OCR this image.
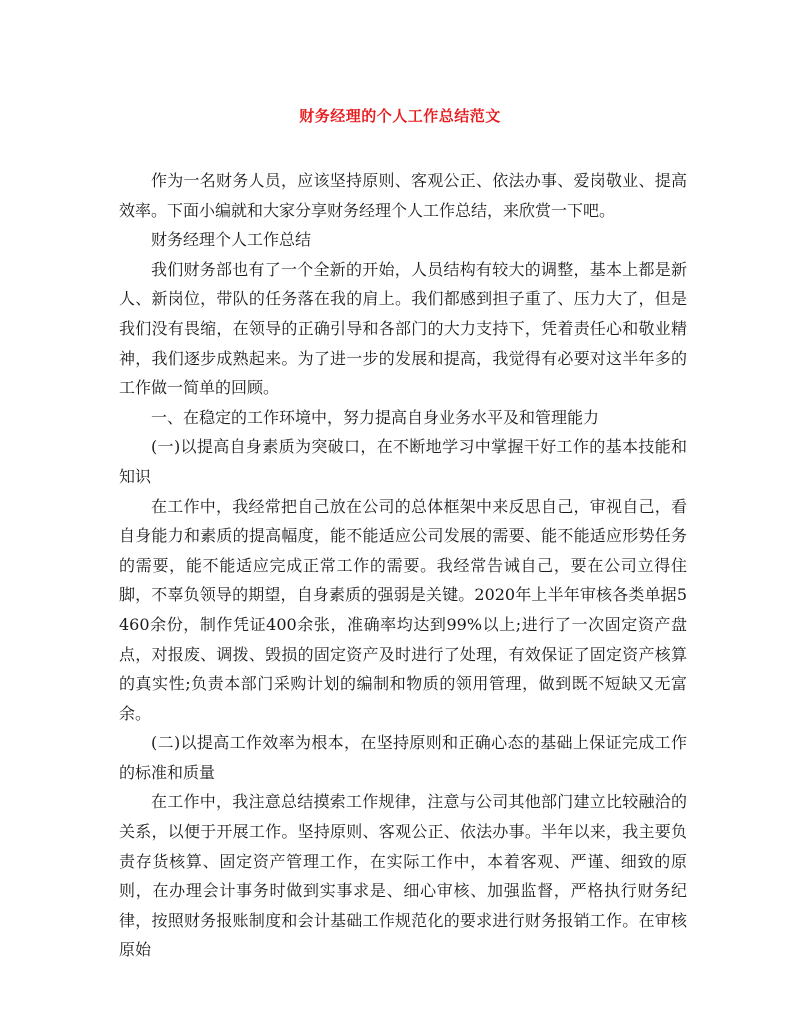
财务经理的个人工作总结范文

作为一名财务人员，应该坚持原则、客观公正、依法办事、爱岗敬业、提高效率。下面小编就和大家分享财务经理个人工作总结，来欣赏一下吧。

财务经理个人工作总结

我们财务部也有了一个全新的开始，人员结构有较大的调整，基本上都是新人、新岗位，带队的任务落在我的肩上。我们都感到担子重了、压力大了，但是我们没有畏缩，在领导的正确引导和各部门的大力支持下，凭着责任心和敬业精神，我们逐步成熟起来。为了进一步的发展和提高，我觉得有必要对这半年多的工作做一简单的回顾。

一、在稳定的工作环境中，努力提高自身业务水平及和管理能力

(一)以提高自身素质为突破口，在不断地学习中掌握干好工作的基本技能和知识

在工作中，我经常把自己放在公司的总体框架中来反思自己，审视自己，看自身能力和素质的提高幅度，能不能适应公司发展的需要、能不能适应形势任务的需要，能不能适应完成正常工作的需要。我经常告诫自己，要在公司立得住脚，不辜负领导的期望，自身素质的强弱是关键。2020年上半年审核各类单据5460余份，制作凭证400余张，准确率均达到99%以上;进行了一次固定资产盘点，对报废、调拨、毁损的固定资产及时进行了处理，有效保证了固定资产核算的真实性;负责本部门采购计划的编制和物质的领用管理，做到既不短缺又无富余。

(二)以提高工作效率为根本，在坚持原则和正确心态的基础上保证完成工作的标准和质量

在工作中，我注意总结摸索工作规律，注意与公司其他部门建立比较融洽的关系，以便于开展工作。坚持原则、客观公正、依法办事。半年以来，我主要负责存货核算、固定资产管理工作，在实际工作中，本着客观、严谨、细致的原则，在办理会计事务时做到实事求是、细心审核、加强监督，严格执行财务纪律，按照财务报账制度和会计基础工作规范化的要求进行财务报销工作。在审核原始
